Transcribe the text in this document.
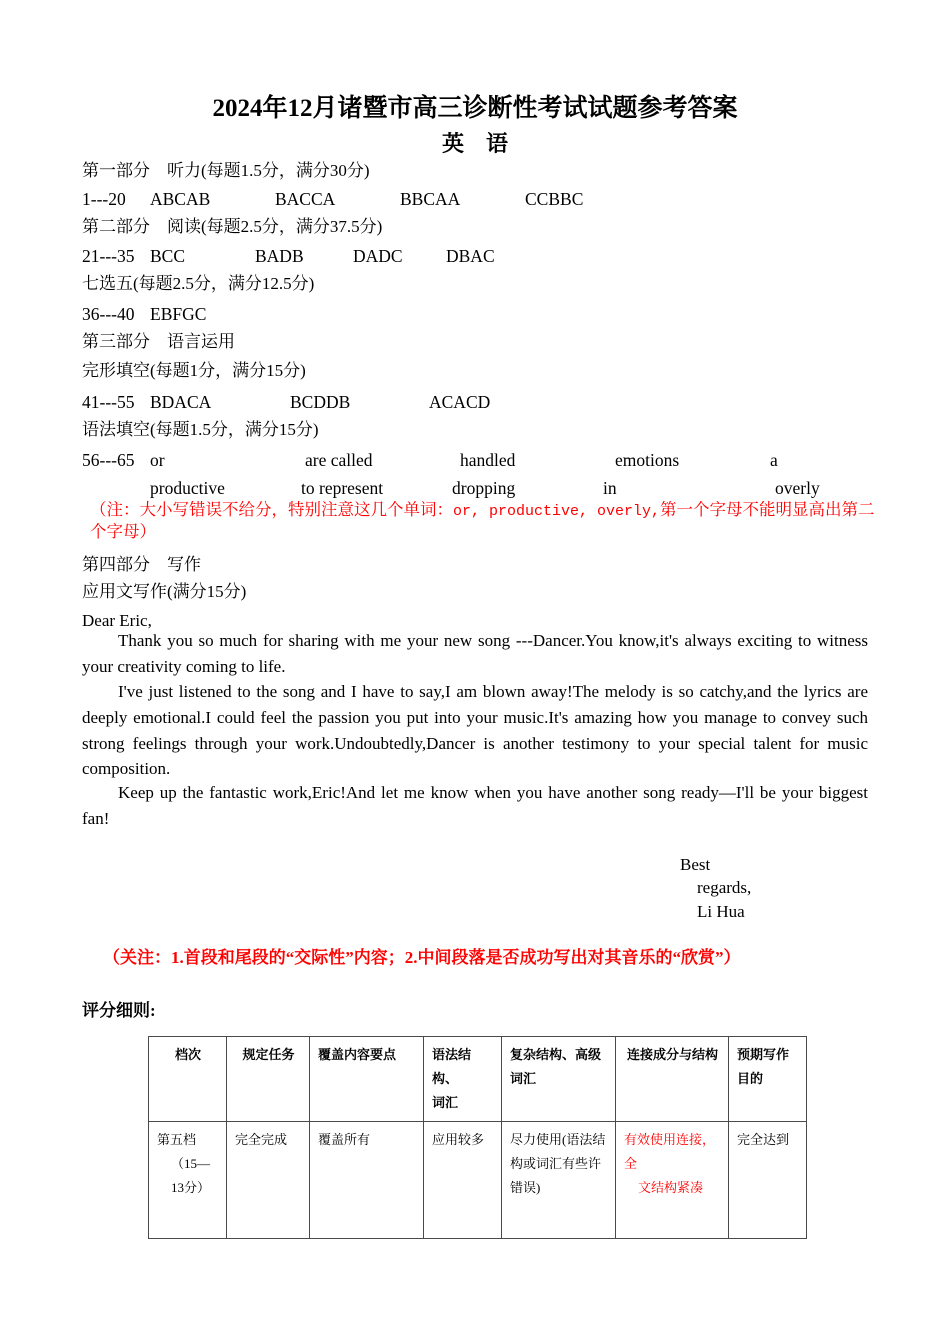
2024年12月诸暨市高三诊断性考试试题参考答案
英 语
第一部分　听力(每题1.5分，满分30分)
1---20 ABCAB	BACCA	BBCAA	CCBBC
第二部分　阅读(每题2.5分，满分37.5分)
21---35 BCC	BADB	DADC DBAC
七选五(每题2.5分，满分12.5分)
36---40 EBFGC
第三部分　语言运用
完形填空(每题1分，满分15分)
41---55 BDACA	BCDDB	ACACD
语法填空(每题1.5分，满分15分)
56---65 or	are called	handled	emotions	a
productive	to represent	dropping	in	overly
（注：大小写错误不给分，特别注意这几个单词：or, productive, overly,第一个字母不能明显高出第二个字母）
第四部分　写作
应用文写作(满分15分)
Dear Eric,
Thank you so much for sharing with me your new song ---Dancer.You know,it's always exciting to witness your creativity coming to life.
I've just listened to the song and I have to say,I am blown away!The melody is so catchy,and the lyrics are deeply emotional.I could feel the passion you put into your music.It's amazing how you manage to convey such strong feelings through your work.Undoubtedly,Dancer is another testimony to your special talent for music composition.
Keep up the fantastic work,Eric!And let me know when you have another song ready—I'll be your biggest fan!
Best
regards,
Li Hua
（关注：1.首段和尾段的“交际性”内容；2.中间段落是否成功写出对其音乐的“欣赏”）
评分细则:
档次	规定任务	覆盖内容要点	语法结构、
词汇	复杂结构、高级
词汇	连接成分与结构	预期写作
目的

第五档
（15—13分）	完全完成	覆盖所有	应用较多	尽力使用(语法结
构或词汇有些许
错误)	有效使用连接，全
文结构紧凑	完全达到
